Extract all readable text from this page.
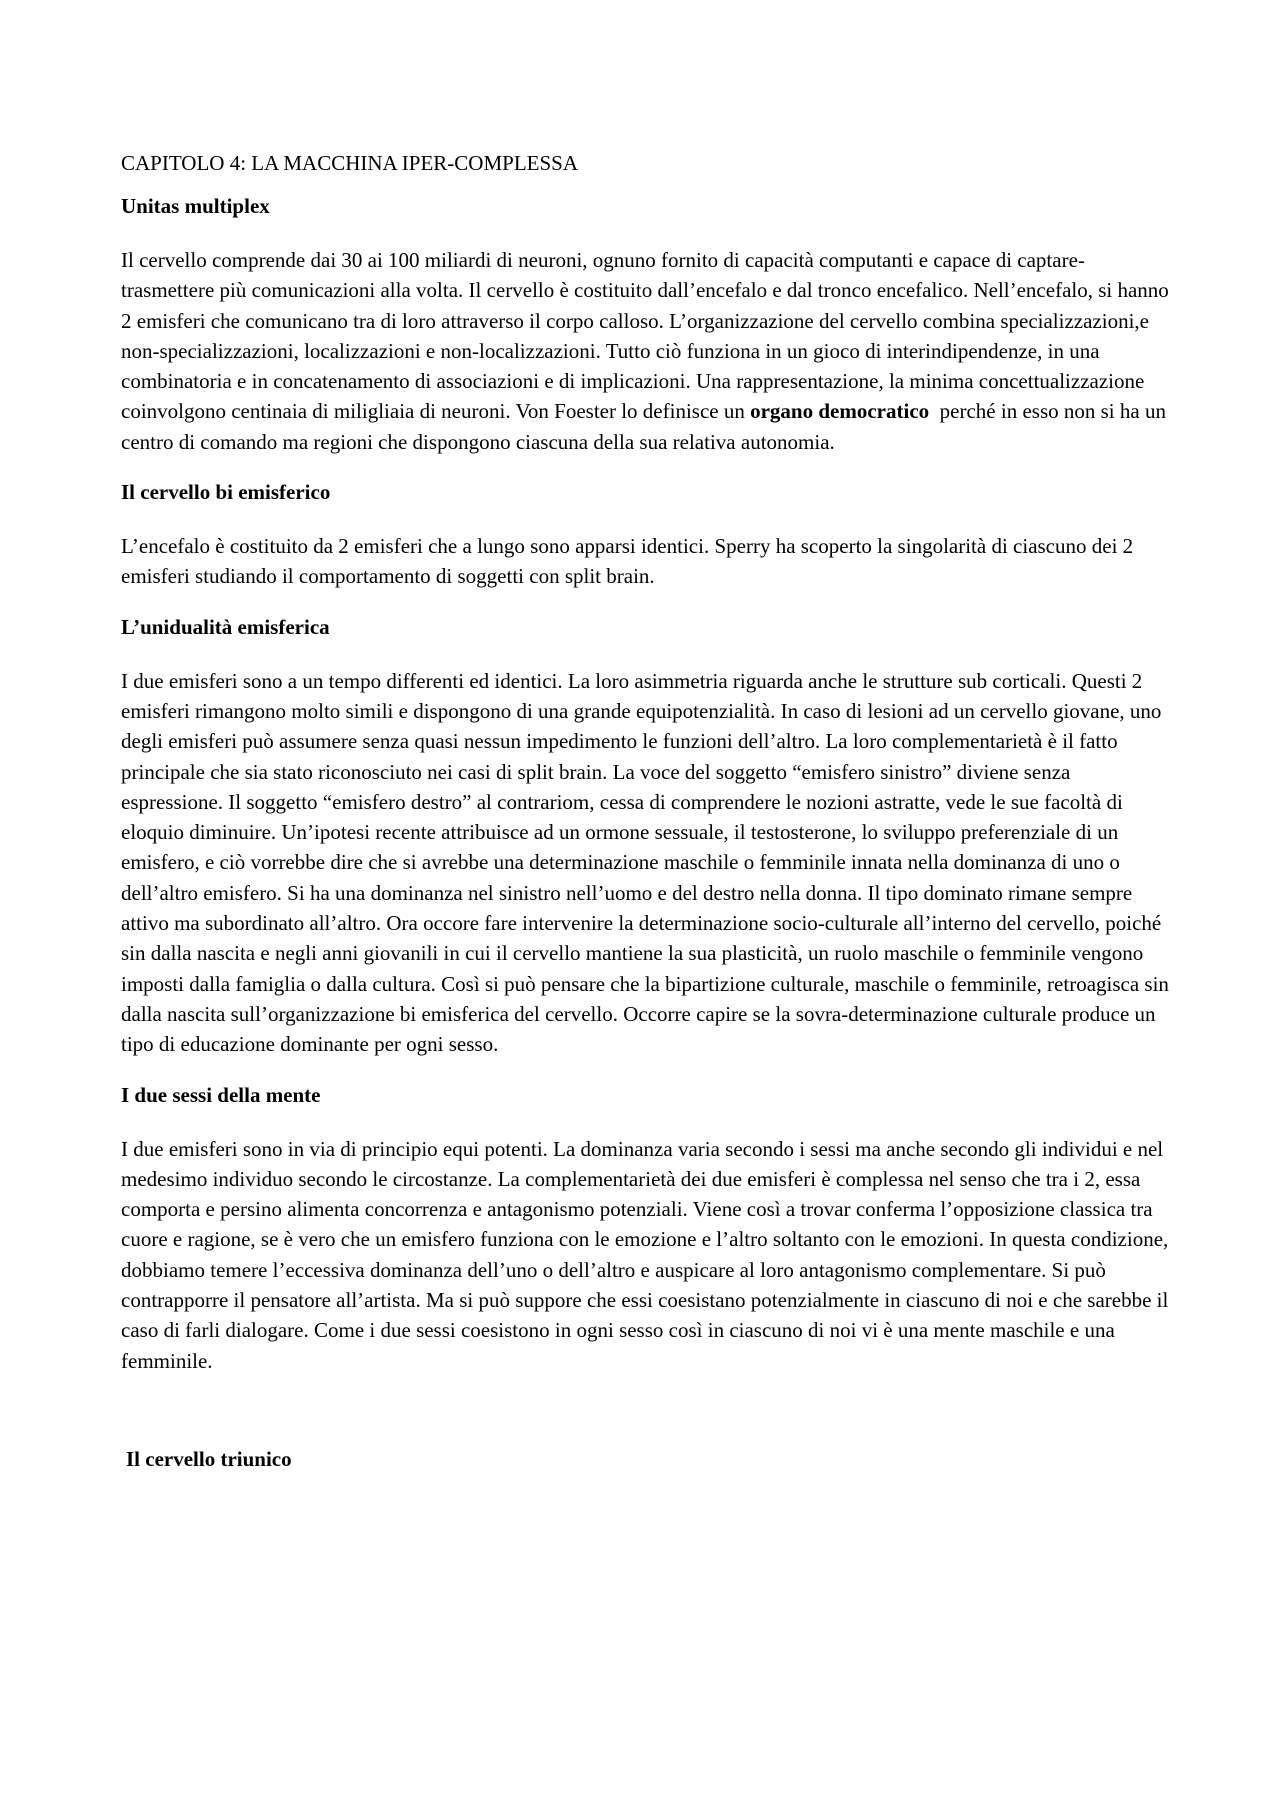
CAPITOLO 4: LA MACCHINA IPER-COMPLESSA
Unitas multiplex

Il cervello comprende dai 30 ai 100 miliardi di neuroni, ognuno fornito di capacità computanti e capace di captare-trasmettere più comunicazioni alla volta. Il cervello è costituito dall’encefalo e dal tronco encefalico. Nell’encefalo, si hanno 2 emisferi che comunicano tra di loro attraverso il corpo calloso. L’organizzazione del cervello combina specializzazioni,e non-specializzazioni, localizzazioni e non-localizzazioni. Tutto ciò funziona in un gioco di interindipendenze, in una combinatoria e in concatenamento di associazioni e di implicazioni. Una rappresentazione, la minima concettualizzazione coinvolgono centinaia di miligliaia di neuroni. Von Foester lo definisce un organo democratico  perché in esso non si ha un centro di comando ma regioni che dispongono ciascuna della sua relativa autonomia.

Il cervello bi emisferico

L’encefalo è costituito da 2 emisferi che a lungo sono apparsi identici. Sperry ha scoperto la singolarità di ciascuno dei 2 emisferi studiando il comportamento di soggetti con split brain.

L’unidualità emisferica

I due emisferi sono a un tempo differenti ed identici. La loro asimmetria riguarda anche le strutture sub corticali. Questi 2 emisferi rimangono molto simili e dispongono di una grande equipotenzialità. In caso di lesioni ad un cervello giovane, uno degli emisferi può assumere senza quasi nessun impedimento le funzioni dell’altro. La loro complementarietà è il fatto principale che sia stato riconosciuto nei casi di split brain. La voce del soggetto “emisfero sinistro” diviene senza espressione. Il soggetto “emisfero destro” al contrariom, cessa di comprendere le nozioni astratte, vede le sue facoltà di eloquio diminuire. Un’ipotesi recente attribuisce ad un ormone sessuale, il testosterone, lo sviluppo preferenziale di un emisfero, e ciò vorrebbe dire che si avrebbe una determinazione maschile o femminile innata nella dominanza di uno o dell’altro emisfero. Si ha una dominanza nel sinistro nell’uomo e del destro nella donna. Il tipo dominato rimane sempre attivo ma subordinato all’altro. Ora occore fare intervenire la determinazione socio-culturale all’interno del cervello, poiché sin dalla nascita e negli anni giovanili in cui il cervello mantiene la sua plasticità, un ruolo maschile o femminile vengono imposti dalla famiglia o dalla cultura. Così si può pensare che la bipartizione culturale, maschile o femminile, retroagisca sin dalla nascita sull’organizzazione bi emisferica del cervello. Occorre capire se la sovra-determinazione culturale produce un tipo di educazione dominante per ogni sesso.

I due sessi della mente

I due emisferi sono in via di principio equi potenti. La dominanza varia secondo i sessi ma anche secondo gli individui e nel medesimo individuo secondo le circostanze. La complementarietà dei due emisferi è complessa nel senso che tra i 2, essa comporta e persino alimenta concorrenza e antagonismo potenziali. Viene così a trovar conferma l’opposizione classica tra cuore e ragione, se è vero che un emisfero funziona con le emozione e l’altro soltanto con le emozioni. In questa condizione, dobbiamo temere l’eccessiva dominanza dell’uno o dell’altro e auspicare al loro antagonismo complementare. Si può contrapporre il pensatore all’artista. Ma si può suppore che essi coesistano potenzialmente in ciascuno di noi e che sarebbe il caso di farli dialogare. Come i due sessi coesistono in ogni sesso così in ciascuno di noi vi è una mente maschile e una femminile.

Il cervello triunico
